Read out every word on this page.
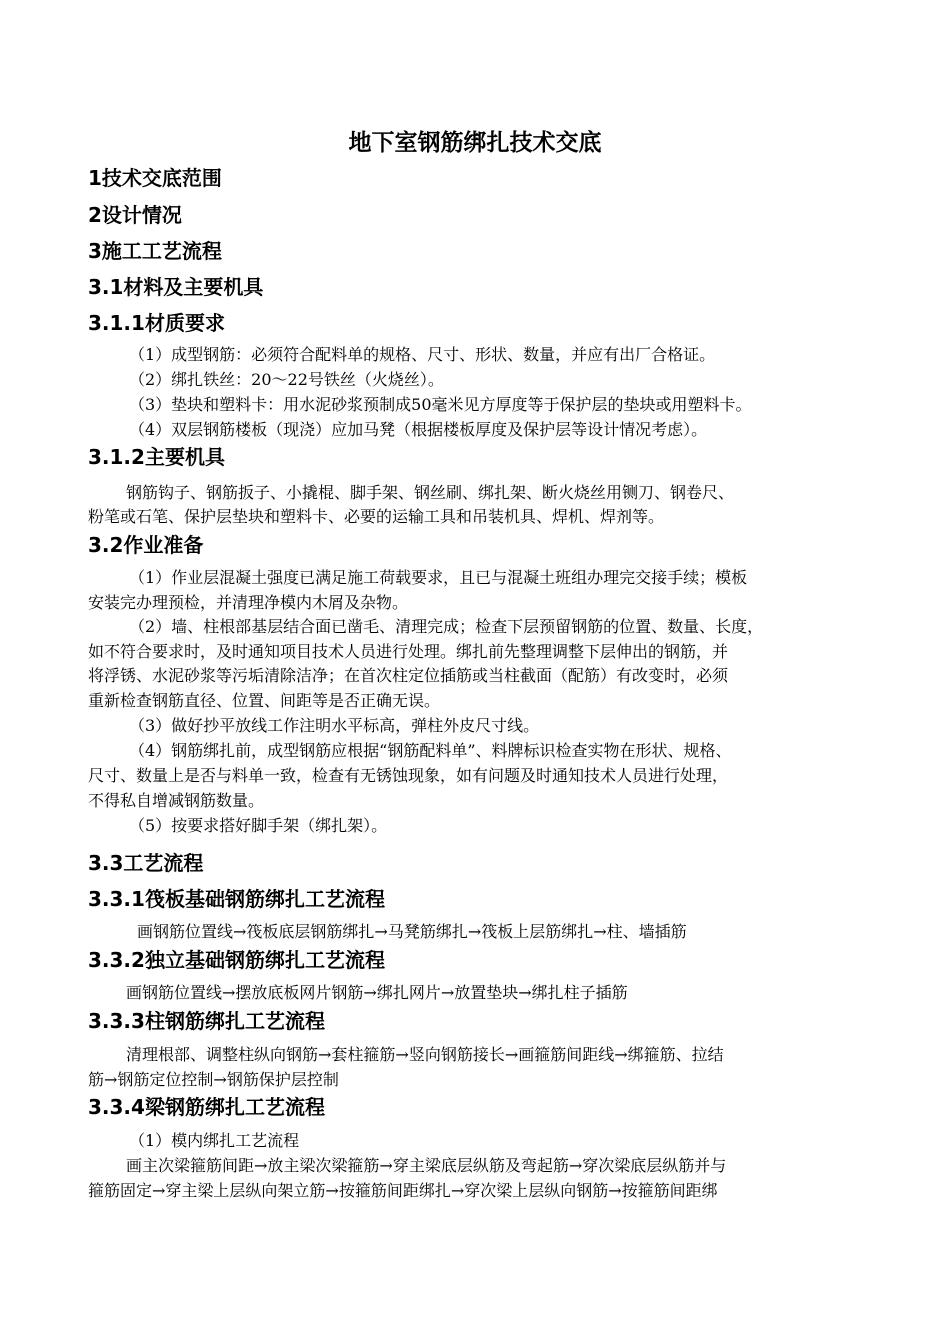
地下室钢筋绑扎技术交底
1技术交底范围
2设计情况
3施工工艺流程
3.1材料及主要机具
3.1.1材质要求
（1）成型钢筋：必须符合配料单的规格、尺寸、形状、数量，并应有出厂合格证。
（2）绑扎铁丝：20～22号铁丝（火烧丝）。
（3）垫块和塑料卡：用水泥砂浆预制成50毫米见方厚度等于保护层的垫块或用塑料卡。
（4）双层钢筋楼板（现浇）应加马凳（根据楼板厚度及保护层等设计情况考虑）。
3.1.2主要机具
钢筋钩子、钢筋扳子、小撬棍、脚手架、钢丝刷、绑扎架、断火烧丝用铡刀、钢卷尺、
粉笔或石笔、保护层垫块和塑料卡、必要的运输工具和吊装机具、焊机、焊剂等。
3.2作业准备
（1）作业层混凝土强度已满足施工荷载要求，且已与混凝土班组办理完交接手续；模板
安装完办理预检，并清理净模内木屑及杂物。
（2）墙、柱根部基层结合面已凿毛、清理完成；检查下层预留钢筋的位置、数量、长度，
如不符合要求时，及时通知项目技术人员进行处理。绑扎前先整理调整下层伸出的钢筋，并
将浮锈、水泥砂浆等污垢清除洁净；在首次柱定位插筋或当柱截面（配筋）有改变时，必须
重新检查钢筋直径、位置、间距等是否正确无误。
（3）做好抄平放线工作注明水平标高，弹柱外皮尺寸线。
（4）钢筋绑扎前，成型钢筋应根据“钢筋配料单”、料牌标识检查实物在形状、规格、
尺寸、数量上是否与料单一致，检查有无锈蚀现象，如有问题及时通知技术人员进行处理，
不得私自增减钢筋数量。
（5）按要求搭好脚手架（绑扎架）。
3.3工艺流程
3.3.1筏板基础钢筋绑扎工艺流程
画钢筋位置线→筏板底层钢筋绑扎→马凳筋绑扎→筏板上层筋绑扎→柱、墙插筋
3.3.2独立基础钢筋绑扎工艺流程
画钢筋位置线→摆放底板网片钢筋→绑扎网片→放置垫块→绑扎柱子插筋
3.3.3柱钢筋绑扎工艺流程
清理根部、调整柱纵向钢筋→套柱箍筋→竖向钢筋接长→画箍筋间距线→绑箍筋、拉结
筋→钢筋定位控制→钢筋保护层控制
3.3.4梁钢筋绑扎工艺流程
（1）模内绑扎工艺流程
画主次梁箍筋间距→放主梁次梁箍筋→穿主梁底层纵筋及弯起筋→穿次梁底层纵筋并与
箍筋固定→穿主梁上层纵向架立筋→按箍筋间距绑扎→穿次梁上层纵向钢筋→按箍筋间距绑
